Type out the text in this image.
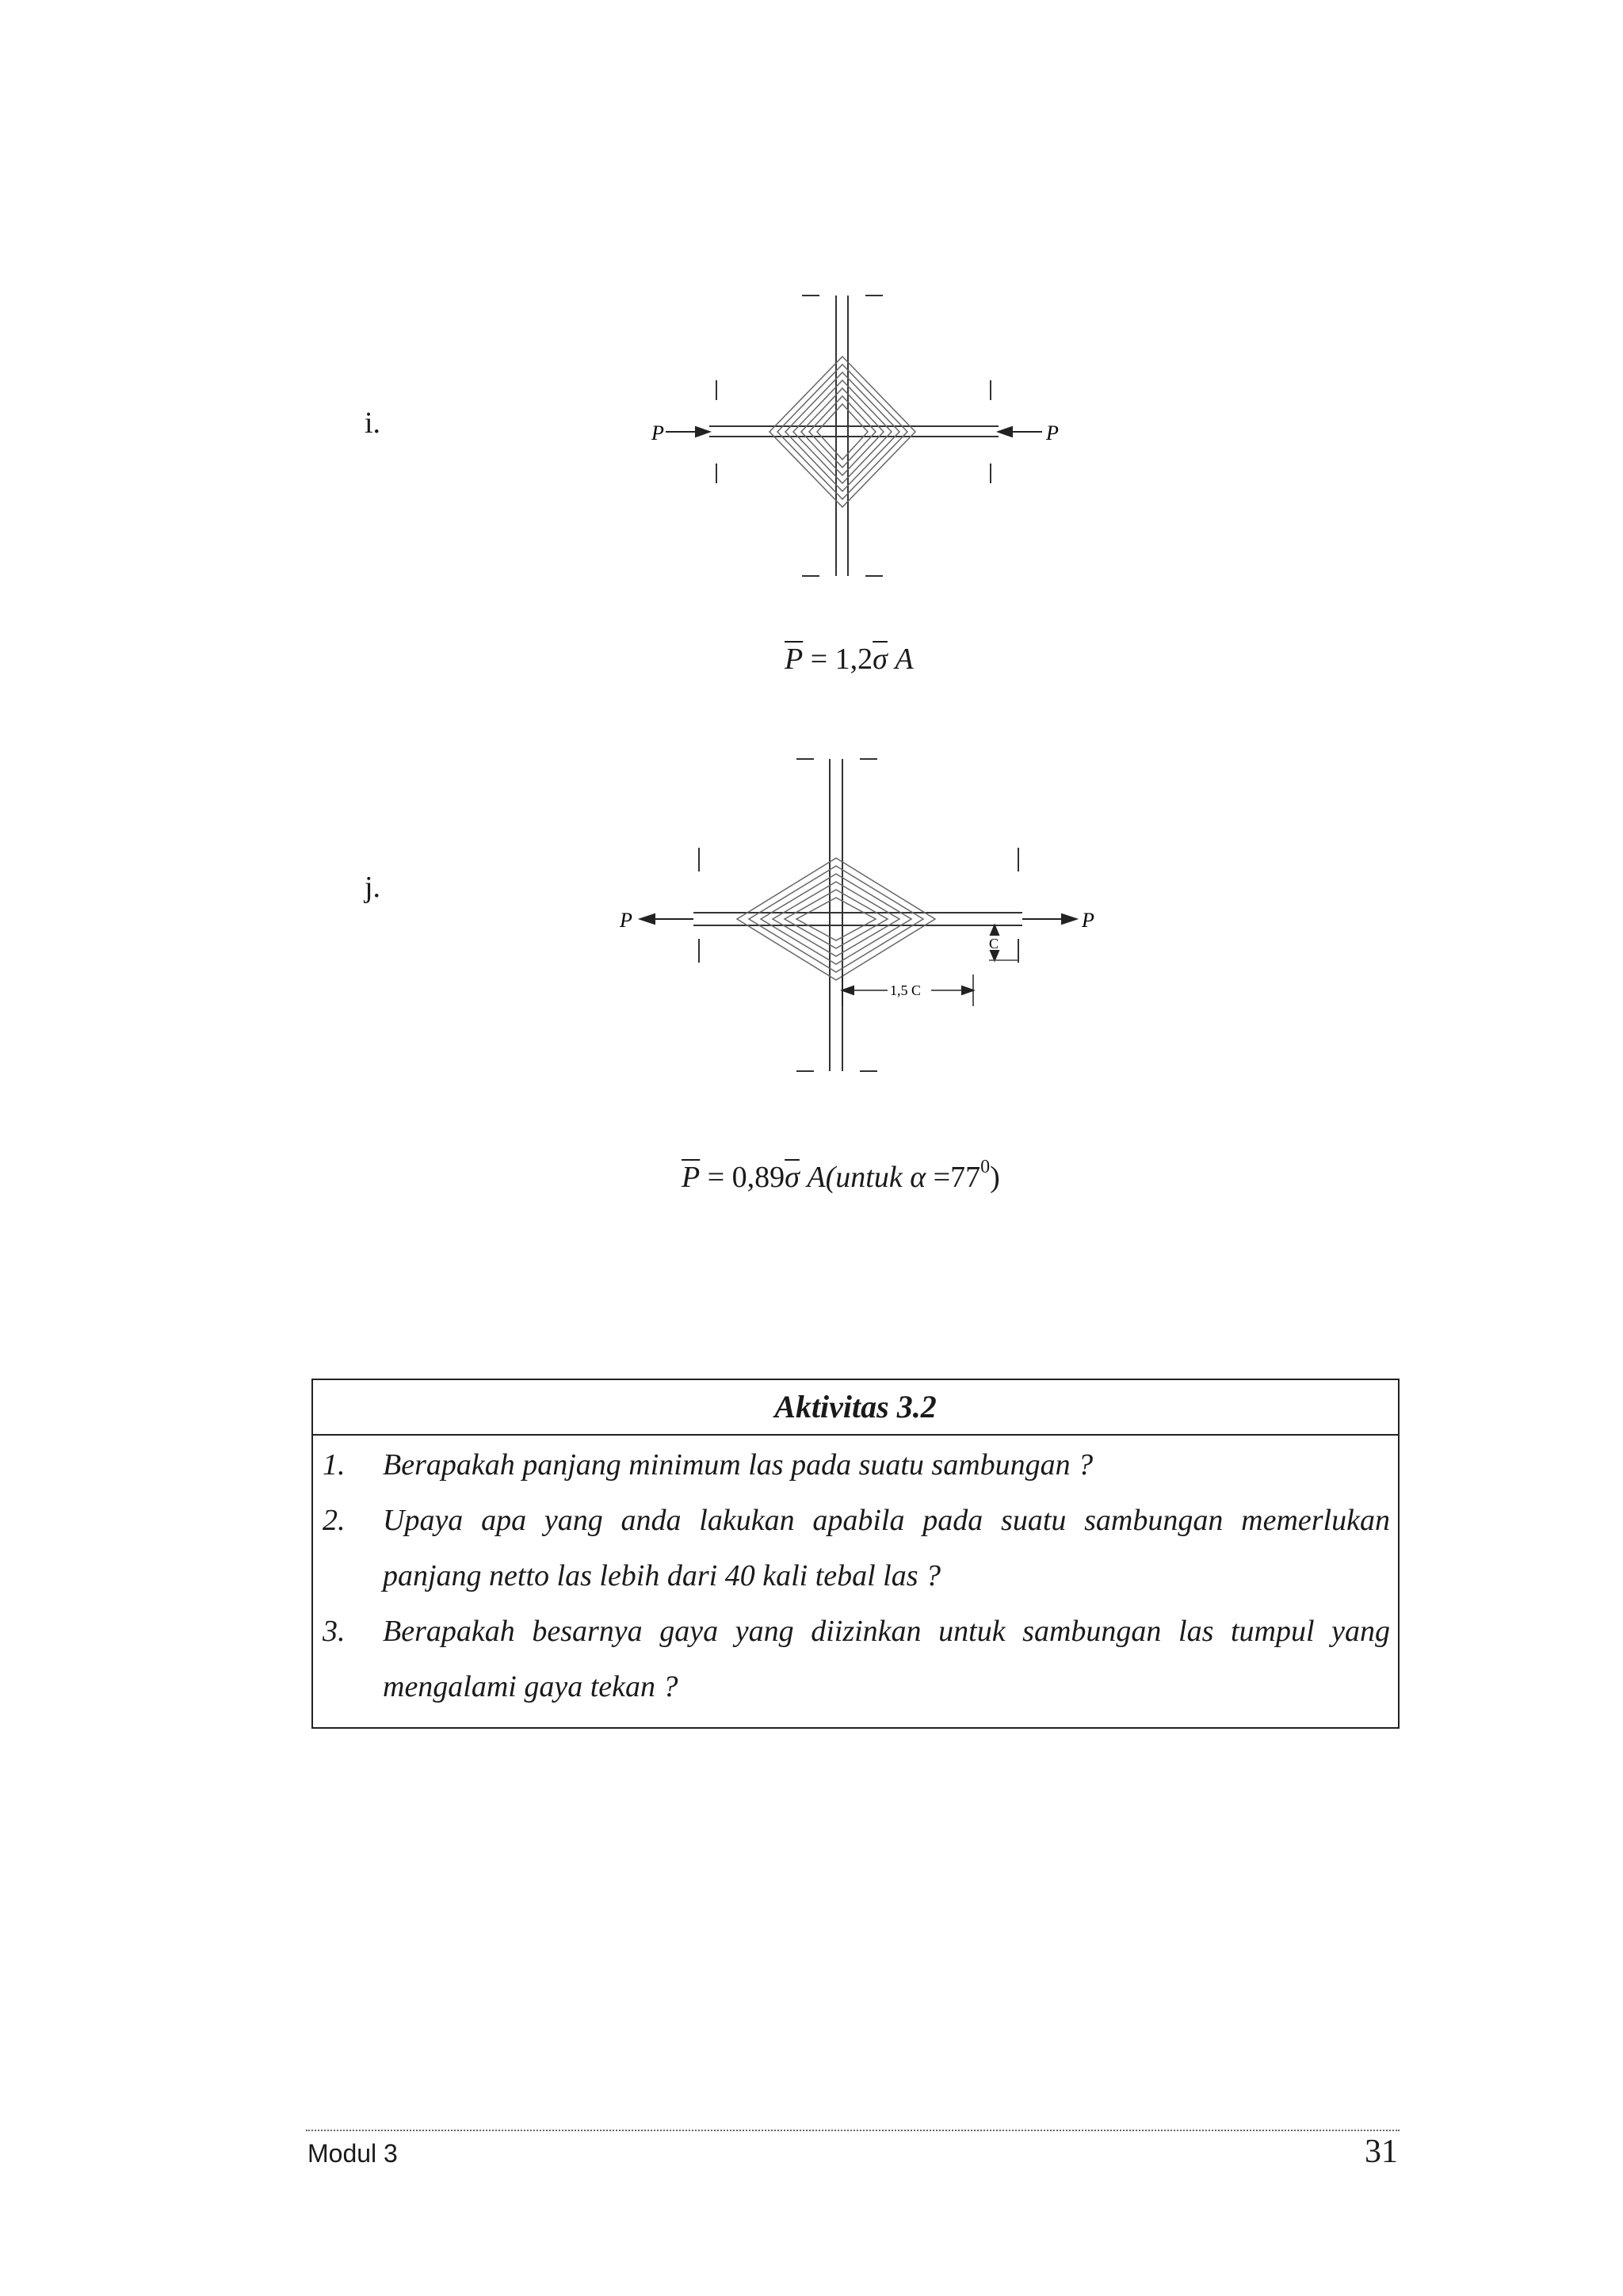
i.	P	P
$\overline{P} = 1,2\overline{\sigma}$ A
j.
P	P
C
1,5 C
$\overline{P} = 0,89\overline{\sigma}$ A(untuk $\alpha =77^0$)
Aktivitas 3.2
1. Berapakah panjang minimum las pada suatu sambungan ?
2. Upaya apa yang anda lakukan apabila pada suatu sambungan memerlukan
panjang netto las lebih dari 40 kali tebal las ?
3. Berapakah besarnya gaya yang diizinkan untuk sambungan las tumpul yang
mengalami gaya tekan ?
Modul 3	31
